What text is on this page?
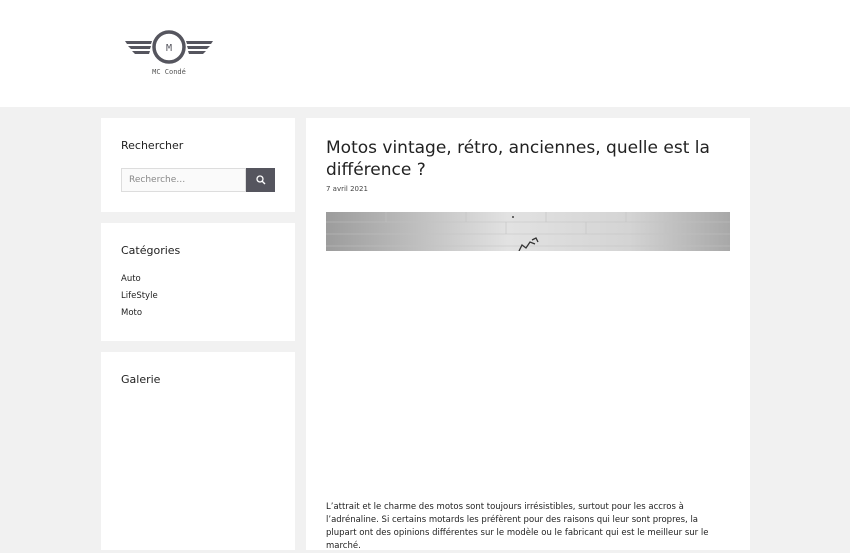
M
MC Condé
Rechercher
Recherche…
Catégories
Auto
LifeStyle
Moto
Galerie
Motos vintage, rétro, anciennes, quelle est la différence ?
7 avril 2021

L’attrait et le charme des motos sont toujours irrésistibles, surtout pour les accros à l’adrénaline. Si certains motards les préfèrent pour des raisons qui leur sont propres, la plupart ont des opinions différentes sur le modèle ou le fabricant qui est le meilleur sur le marché.
